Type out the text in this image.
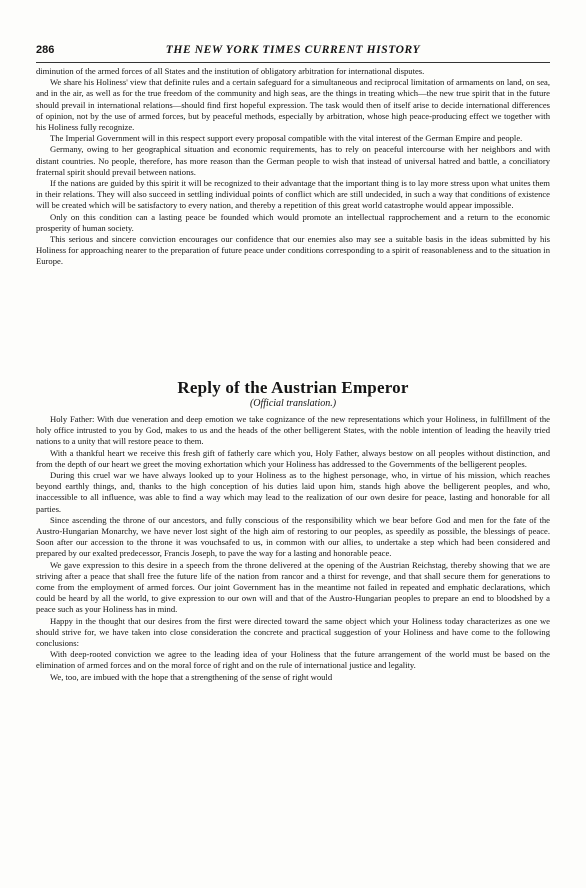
286	THE NEW YORK TIMES CURRENT HISTORY

diminution of the armed forces of all States and the institution of obligatory arbitration for international disputes.

We share his Holiness' view that definite rules and a certain safeguard for a simultaneous and reciprocal limitation of armaments on land, on sea, and in the air, as well as for the true freedom of the community and high seas, are the things in treating which—the new true spirit that in the future should prevail in international relations—should find first hopeful expression. The task would then of itself arise to decide international differences of opinion, not by the use of armed forces, but by peaceful methods, especially by arbitration, whose high peace-producing effect we together with his Holiness fully recognize.

The Imperial Government will in this respect support every proposal compatible with the vital interest of the German Empire and people.

Germany, owing to her geographical situation and economic requirements, has to rely on peaceful intercourse with her neighbors and with distant countries. No people, therefore, has more reason than the German people to wish that instead of universal hatred and battle, a conciliatory fraternal spirit should prevail between nations.

If the nations are guided by this spirit it will be recognized to their advantage that the important thing is to lay more stress upon what unites them in their relations. They will also succeed in settling individual points of conflict which are still undecided, in such a way that conditions of existence will be created which will be satisfactory to every nation, and thereby a repetition of this great world catastrophe would appear impossible.

Only on this condition can a lasting peace be founded which would promote an intellectual rapprochement and a return to the economic prosperity of human society.

This serious and sincere conviction encourages our confidence that our enemies also may see a suitable basis in the ideas submitted by his Holiness for approaching nearer to the preparation of future peace under conditions corresponding to a spirit of reasonableness and to the situation in Europe.

Reply of the Austrian Emperor
(Official translation.)

Holy Father: With due veneration and deep emotion we take cognizance of the new representations which your Holiness, in fulfillment of the holy office intrusted to you by God, makes to us and the heads of the other belligerent States, with the noble intention of leading the heavily tried nations to a unity that will restore peace to them.

With a thankful heart we receive this fresh gift of fatherly care which you, Holy Father, always bestow on all peoples without distinction, and from the depth of our heart we greet the moving exhortation which your Holiness has addressed to the Governments of the belligerent peoples.

During this cruel war we have always looked up to your Holiness as to the highest personage, who, in virtue of his mission, which reaches beyond earthly things, and, thanks to the high conception of his duties laid upon him, stands high above the belligerent peoples, and who, inaccessible to all influence, was able to find a way which may lead to the realization of our own desire for peace, lasting and honorable for all parties.

Since ascending the throne of our ancestors, and fully conscious of the responsibility which we bear before God and men for the fate of the Austro-Hungarian Monarchy, we have never lost sight of the high aim of restoring to our peoples, as speedily as possible, the blessings of peace. Soon after our accession to the throne it was vouchsafed to us, in common with our allies, to undertake a step which had been considered and prepared by our exalted predecessor, Francis Joseph, to pave the way for a lasting and honorable peace.

We gave expression to this desire in a speech from the throne delivered at the opening of the Austrian Reichstag, thereby showing that we are striving after a peace that shall free the future life of the nation from rancor and a thirst for revenge, and that shall secure them for generations to come from the employment of armed forces. Our joint Government has in the meantime not failed in repeated and emphatic declarations, which could be heard by all the world, to give expression to our own will and that of the Austro-Hungarian peoples to prepare an end to bloodshed by a peace such as your Holiness has in mind.

Happy in the thought that our desires from the first were directed toward the same object which your Holiness today characterizes as one we should strive for, we have taken into close consideration the concrete and practical suggestion of your Holiness and have come to the following conclusions:

With deep-rooted conviction we agree to the leading idea of your Holiness that the future arrangement of the world must be based on the elimination of armed forces and on the moral force of right and on the rule of international justice and legality.

We, too, are imbued with the hope that a strengthening of the sense of right would
